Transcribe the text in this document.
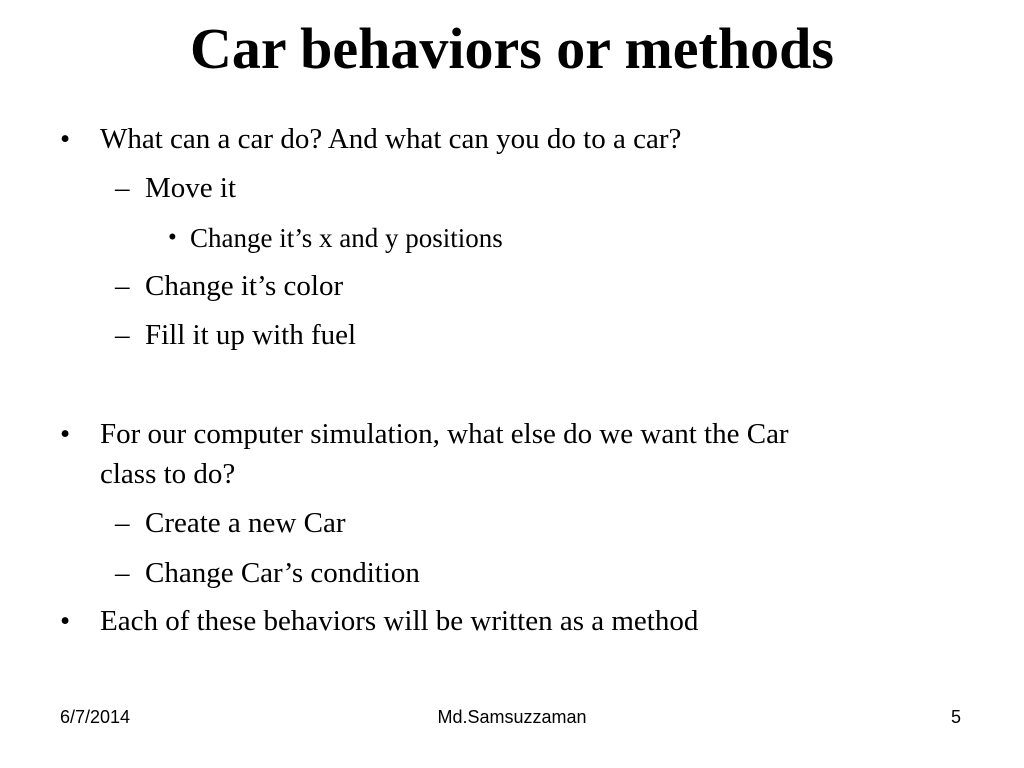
Car behaviors or methods
• What can a car do? And what can you do to a car?
– Move it
• Change it’s x and y positions
– Change it’s color
– Fill it up with fuel
• For our computer simulation, what else do we want the Car
class to do?
– Create a new Car
– Change Car’s condition
• Each of these behaviors will be written as a method
6/7/2014	Md.Samsuzzaman	5
